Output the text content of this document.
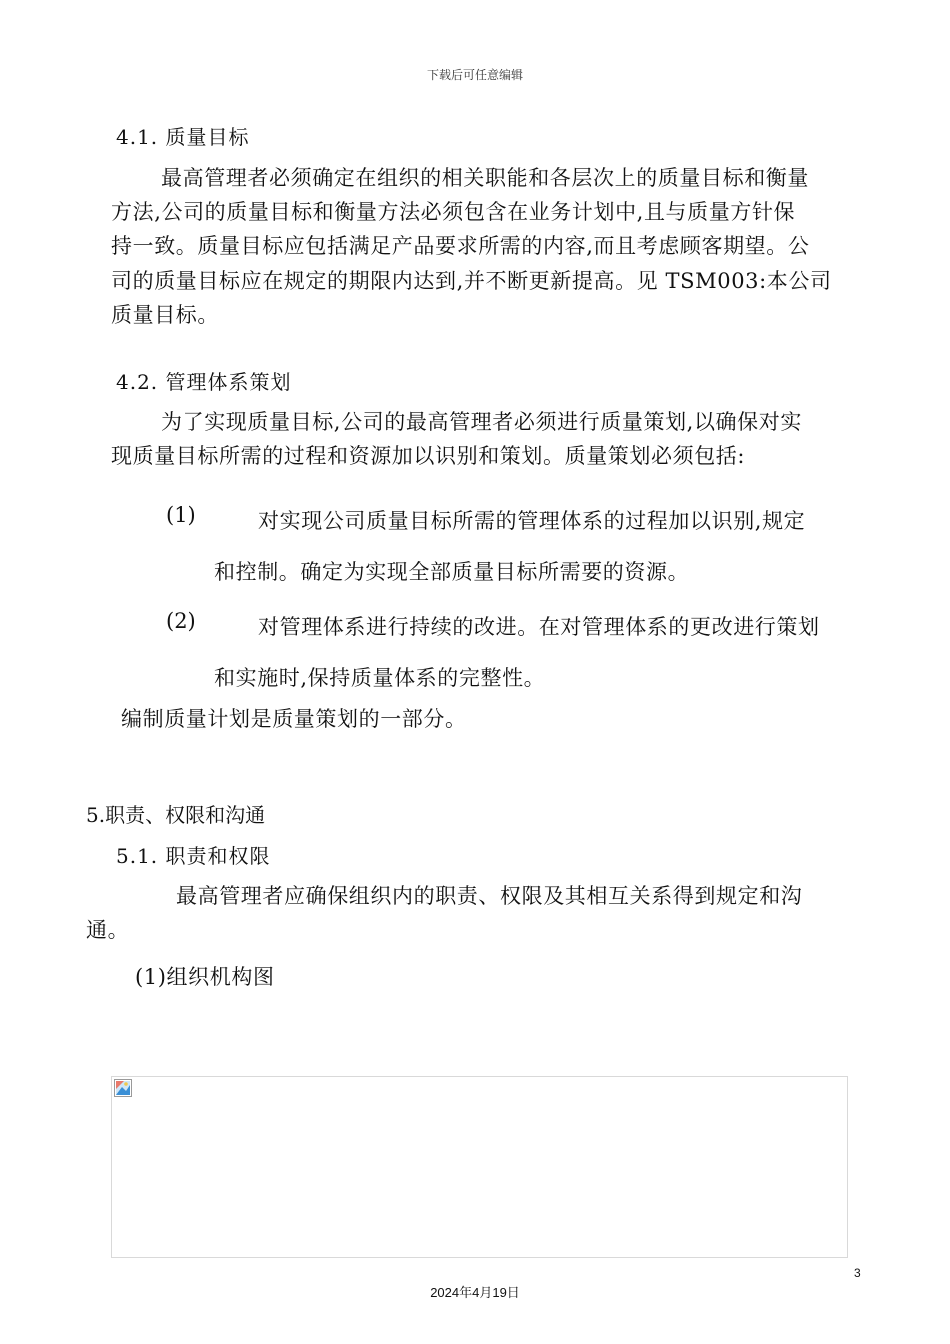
下载后可任意编辑

4.1. 质量目标

最高管理者必须确定在组织的相关职能和各层次上的质量目标和衡量
方法,公司的质量目标和衡量方法必须包含在业务计划中,且与质量方针保
持一致。质量目标应包括满足产品要求所需的内容,而且考虑顾客期望。公
司的质量目标应在规定的期限内达到,并不断更新提高。见 TSM003:本公司
质量目标。

4.2. 管理体系策划

为了实现质量目标,公司的最高管理者必须进行质量策划,以确保对实
现质量目标所需的过程和资源加以识别和策划。质量策划必须包括:
(1)	对实现公司质量目标所需的管理体系的过程加以识别,规定
和控制。确定为实现全部质量目标所需要的资源。
(2)	对管理体系进行持续的改进。在对管理体系的更改进行策划
和实施时,保持质量体系的完整性。

编制质量计划是质量策划的一部分。

5.职责、权限和沟通

5.1. 职责和权限

最高管理者应确保组织内的职责、权限及其相互关系得到规定和沟
通。

(1)组织机构图

3

2024年4月19日
